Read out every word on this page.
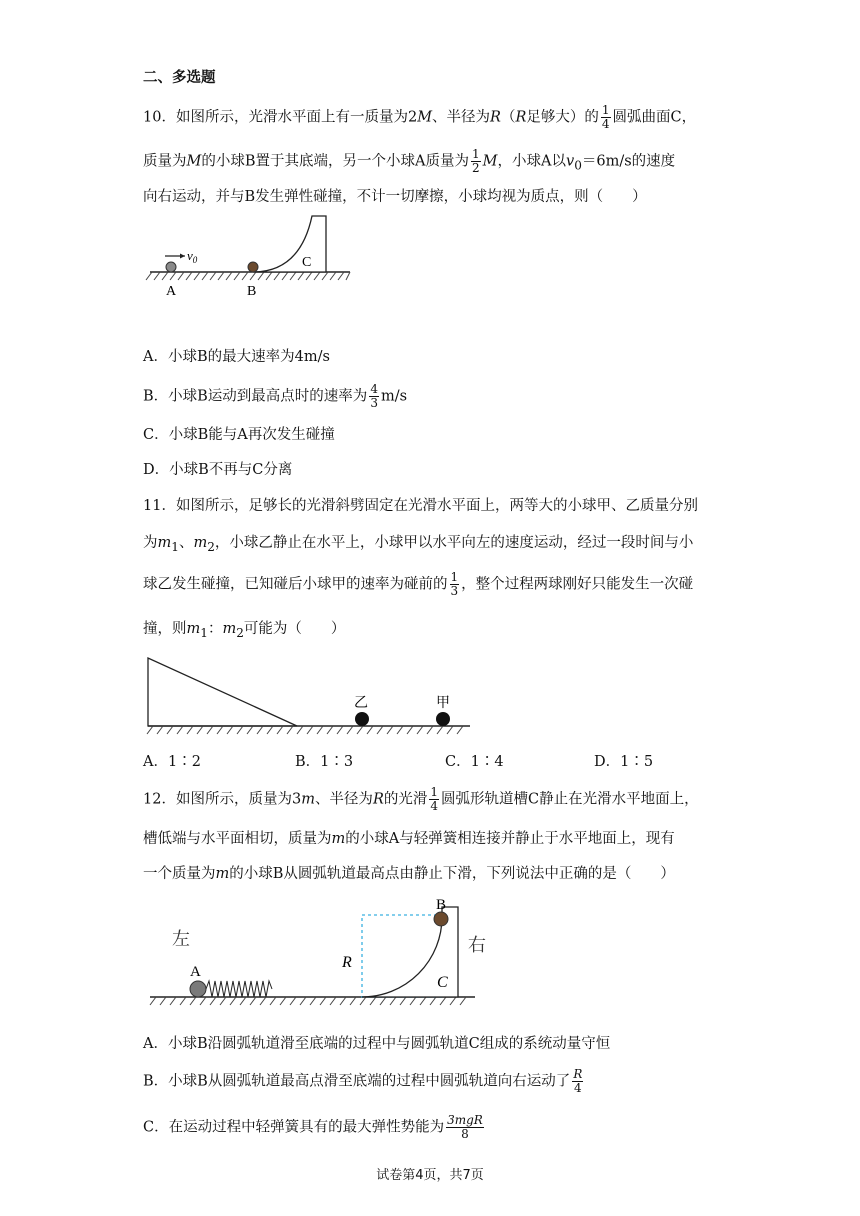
二、多选题
10．如图所示，光滑水平面上有一质量为2M、半径为R（R足够大）的 $\frac{1}{4}$ 圆弧曲面C，
质量为M的小球B置于其底端，另一个小球A质量为 $\frac{1}{2}$ M，小球A以$v_0=6m/s$的速度
向右运动，并与B发生弹性碰撞，不计一切摩擦，小球均视为质点，则（　　）
$v_0$
A	B
C
A．小球B的最大速率为4m/s
B．小球B运动到最高点时的速率为 $\frac{4}{3} m/s$
C．小球B能与A再次发生碰撞
D．小球B不再与C分离
11．如图所示，足够长的光滑斜劈固定在光滑水平面上，两等大的小球甲、乙质量分别
为$m_1$、$m_2$，小球乙静止在水平上，小球甲以水平向左的速度运动，经过一段时间与小
球乙发生碰撞，已知碰后小球甲的速率为碰前的 $\frac{1}{3}$ ，整个过程两球刚好只能发生一次碰
撞，则$m_1$：$m_2$可能为（　　）
乙	甲
A．1∶2	B．1∶3	C．1∶4	D．1∶5
12．如图所示，质量为3m、半径为R的光滑 $\frac{1}{4}$ 圆弧形轨道槽C静止在光滑水平地面上，
槽低端与水平面相切，质量为m的小球A与轻弹簧相连接并静止于水平地面上，现有
一个质量为m的小球B从圆弧轨道最高点由静止下滑，下列说法中正确的是（　　）
B
A
R
C
左	右
A．小球B沿圆弧轨道滑至底端的过程中与圆弧轨道C组成的系统动量守恒
B．小球B从圆弧轨道最高点滑至底端的过程中圆弧轨道向右运动了 $\frac{R}{4}$
C．在运动过程中轻弹簧具有的最大弹性势能为 $\frac{\text{3mgR}}{8}$
试卷第4页，共7页
